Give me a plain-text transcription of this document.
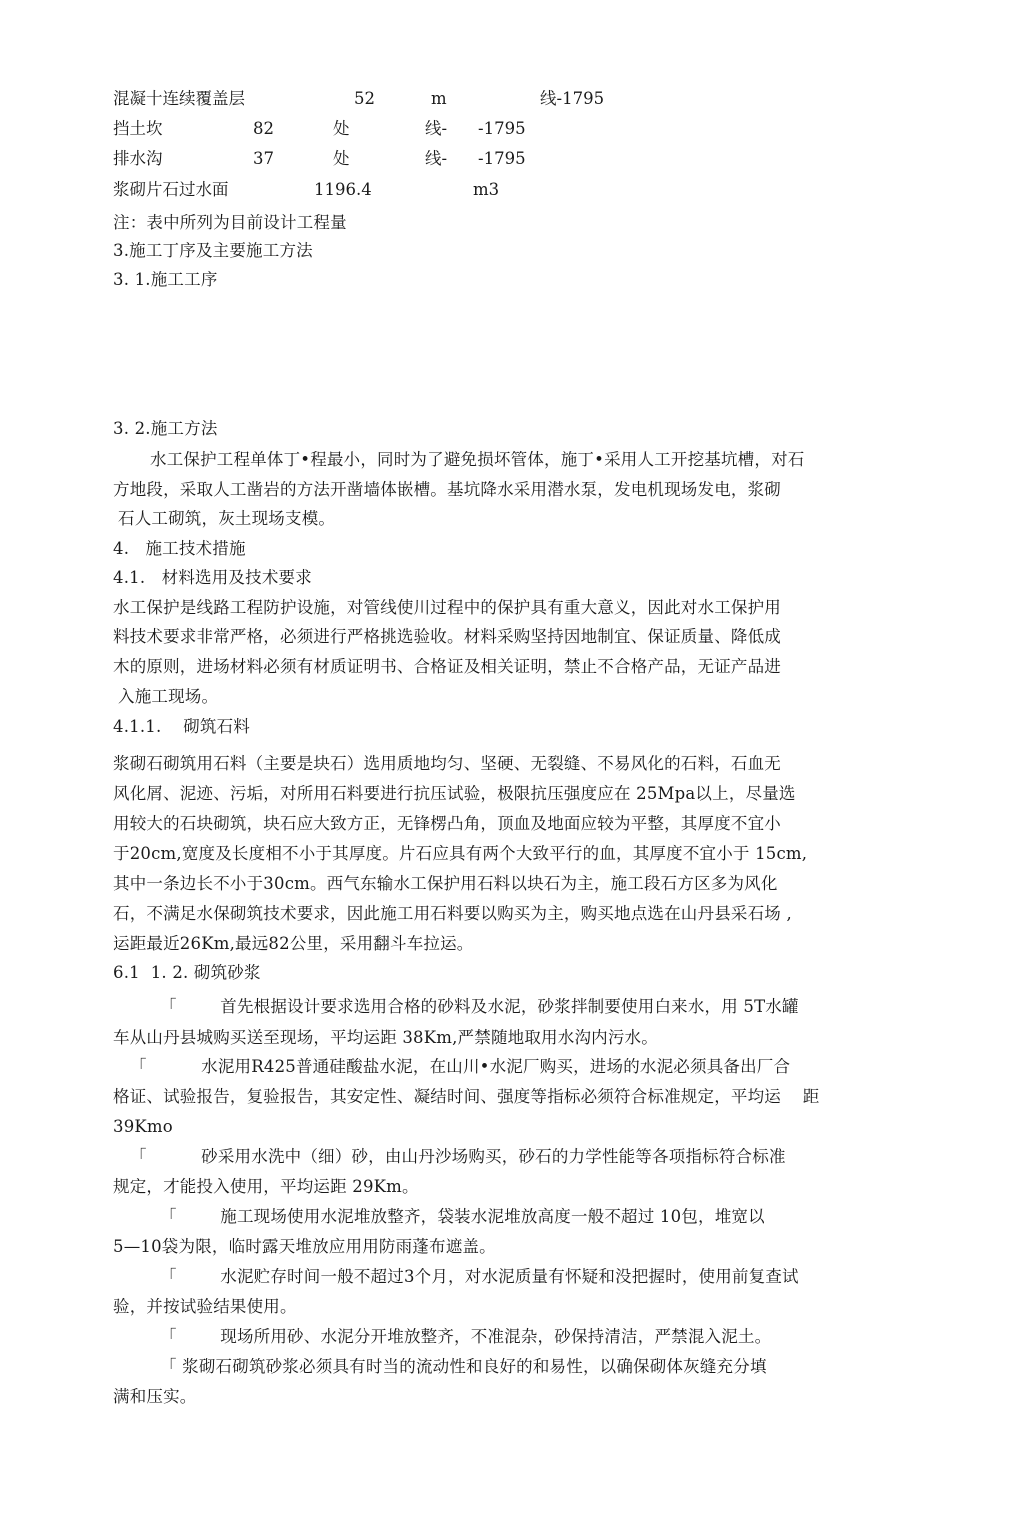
混凝十连续覆盖层	52	m	线-1795
挡土坎	82	处	线- -1795
排水沟	37	处	线- -1795
浆砌片石过水面	1196.4	m3
注：表中所列为目前设计工程量
3.施工丁序及主要施工方法
3. 1.施工工序
3. 2.施工方法
水工保护工程单体丁•程最小，同时为了避免损坏管体，施丁•采用人工开挖基坑槽，对石
方地段，采取人工凿岩的方法开凿墙体嵌槽。基坑降水采用潜水泵，发电机现场发电，浆砌
石人工砌筑，灰土现场支模。
4.   施工技术措施
4.1.   材料选用及技术要求
水工保护是线路工程防护设施，对管线使川过程中的保护具有重大意义，因此对水工保护用
料技术要求非常严格，必须进行严格挑选验收。材料采购坚持因地制宜、保证质量、降低成
木的原则，进场材料必须有材质证明书、合格证及相关证明，禁止不合格产品，无证产品进
入施工现场。
4.1.1.    砌筑石料
浆砌石砌筑用石料（主要是块石）选用质地均匀、坚硬、无裂缝、不易风化的石料，石血无
风化屑、泥迹、污垢，对所用石料要进行抗压试验，极限抗压强度应在 25Mpa以上，尽量选
用较大的石块砌筑，块石应大致方正，无锋楞凸角，顶血及地面应较为平整，其厚度不宜小
于20cm,宽度及长度相不小于其厚度。片石应具有两个大致平行的血，其厚度不宜小于 15cm,
其中一条边长不小于30cm。西气东输水工保护用石料以块石为主，施工段石方区多为风化
石，不满足水保砌筑技术要求，因此施工用石料要以购买为主，购买地点选在山丹县采石场 ,
运距最近26Km,最远82公里，采用翻斗车拉运。
6.1  1. 2. 砌筑砂浆
「        首先根据设计要求选用合格的砂料及水泥，砂浆拌制要使用白来水，用 5T水罐
车从山丹县城购买送至现场，平均运距 38Km,严禁随地取用水沟内污水。
「          水泥用R425普通硅酸盐水泥，在山川•水泥厂购买，进场的水泥必须具备出厂合
格证、试验报告，复验报告，其安定性、凝结时间、强度等指标必须符合标准规定，平均运    距
39Kmo
「          砂采用水洗中（细）砂，由山丹沙场购买，砂石的力学性能等各项指标符合标准
规定，才能投入使用，平均运距 29Km。
「        施工现场使用水泥堆放整齐，袋装水泥堆放高度一般不超过 10包，堆宽以
5—10袋为限，临时露天堆放应用用防雨蓬布遮盖。
「        水泥贮存时间一般不超过3个月，对水泥质量有怀疑和没把握时，使用前复查试
验，并按试验结果使用。
「        现场所用砂、水泥分开堆放整齐，不准混杂，砂保持清洁，严禁混入泥土。
「 浆砌石砌筑砂浆必须具有时当的流动性和良好的和易性，以确保砌体灰缝充分填
满和压实。
